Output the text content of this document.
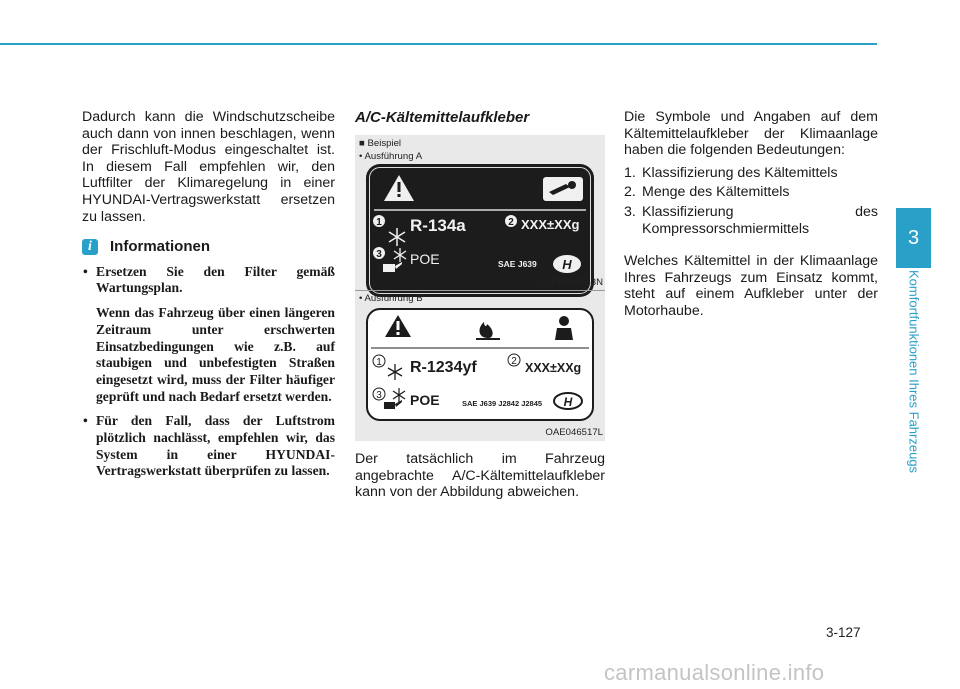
Dadurch kann die Windschutzscheibe auch dann von innen beschlagen, wenn der Frischluft-Modus eingeschaltet ist. In diesem Fall empfehlen wir, den Luftfilter der Klimaregelung in einer HYUNDAI-Vertragswerkstatt ersetzen zu lassen.

i	Informationen

• Ersetzen Sie den Filter gemäß Wartungsplan.

Wenn das Fahrzeug über einen längeren Zeitraum unter erschwerten Einsatzbedingungen wie z.B. auf staubigen und unbefestigten Straßen eingesetzt wird, muss der Filter häufiger geprüft und nach Bedarf ersetzt werden.

• Für den Fall, dass der Luftstrom plötzlich nachlässt, empfehlen wir, das System in einer HYUNDAI-Vertragswerkstatt überprüfen zu lassen.
A/C-Kältemittelaufkleber
■ Beispiel
• Ausführung A
1	2
3
H
R-134a	XXX±XXg
POE	SAE J639
OLFP046583N
• Ausführung B
1	2
3	H
R-1234yf	XXX±XXg
POE	SAE J639 J2842 J2845
OAE046517L

Der tatsächlich im Fahrzeug angebrachte A/C-Kältemittelaufkleber kann von der Abbildung abweichen.

Die Symbole und Angaben auf dem Kältemittelaufkleber der Klimaanlage haben die folgenden Bedeutungen:

1. Klassifizierung des Kältemittels
2. Menge des Kältemittels
3. Klassifizierung des Kompressorschmiermittels

Welches Kältemittel in der Klimaanlage Ihres Fahrzeugs zum Einsatz kommt, steht auf einem Aufkleber unter der Motorhaube.

3
Komfortfunktionen Ihres Fahrzeugs
3-127
carmanualsonline.info
